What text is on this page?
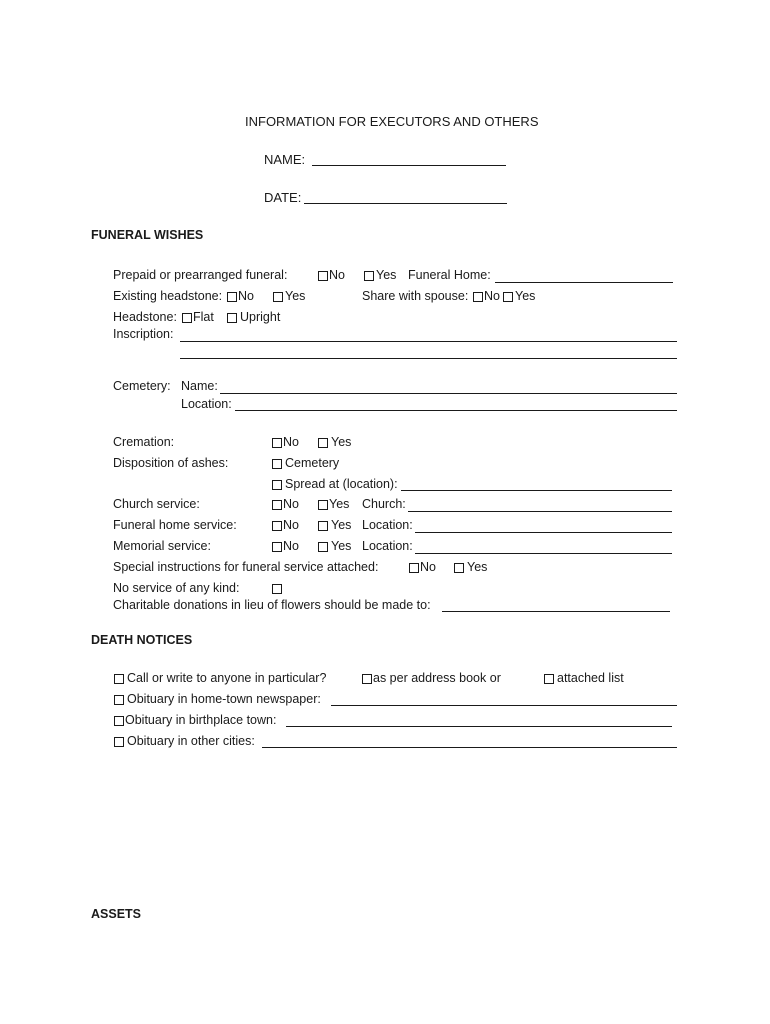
INFORMATION FOR EXECUTORS AND OTHERS
NAME:
DATE:
FUNERAL WISHES
Prepaid or prearranged funeral:	No Yes Funeral Home:
Existing headstone: No Yes	Share with spouse: No Yes
Headstone: Flat Upright
Inscription:
Cemetery: Name:
Location:
Cremation:	No	Yes
Disposition of ashes:	Cemetery
Spread at (location):
Church service:	No Yes Church:
Funeral home service:	No	Yes Location:
Memorial service:	No	Yes Location:
Special instructions for funeral service attached:	No Yes
No service of any kind:
Charitable donations in lieu of flowers should be made to:
DEATH NOTICES
Call or write to anyone in particular?	as per address book or	attached list
Obituary in home-town newspaper:
Obituary in birthplace town:
Obituary in other cities:
ASSETS
